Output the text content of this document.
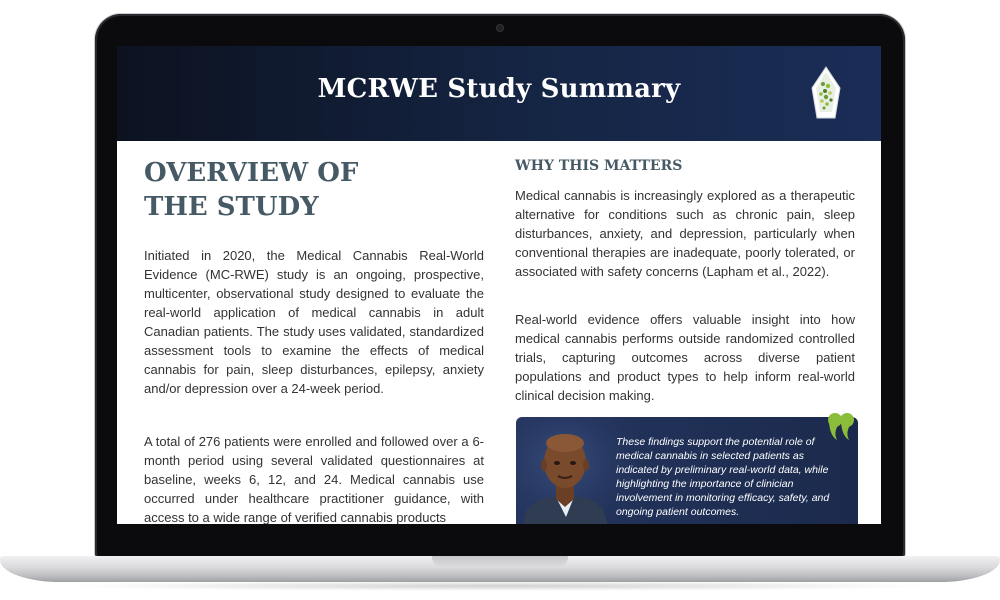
MCRWE Study Summary
OVERVIEW OF
THE STUDY

Initiated in 2020, the Medical Cannabis Real-World Evidence (MC-RWE) study is an ongoing, prospective, multicenter, observational study designed to evaluate the real-world application of medical cannabis in adult Canadian patients. The study uses validated, standardized assessment tools to examine the effects of medical cannabis for pain, sleep disturbances, epilepsy, anxiety and/or depression over a 24-week period.

A total of 276 patients were enrolled and followed over a 6-month period using several validated questionnaires at baseline, weeks 6, 12, and 24. Medical cannabis use occurred under healthcare practitioner guidance, with access to a wide range of verified cannabis products

WHY THIS MATTERS

Medical cannabis is increasingly explored as a therapeutic alternative for conditions such as chronic pain, sleep disturbances, anxiety, and depression, particularly when conventional therapies are inadequate, poorly tolerated, or associated with safety concerns (Lapham et al., 2022).

Real-world evidence offers valuable insight into how medical cannabis performs outside randomized controlled trials, capturing outcomes across diverse patient populations and product types to help inform real-world clinical decision making.

These findings support the potential role of medical cannabis in selected patients as indicated by preliminary real-world data, while highlighting the importance of clinician involvement in monitoring efficacy, safety, and ongoing patient outcomes.
